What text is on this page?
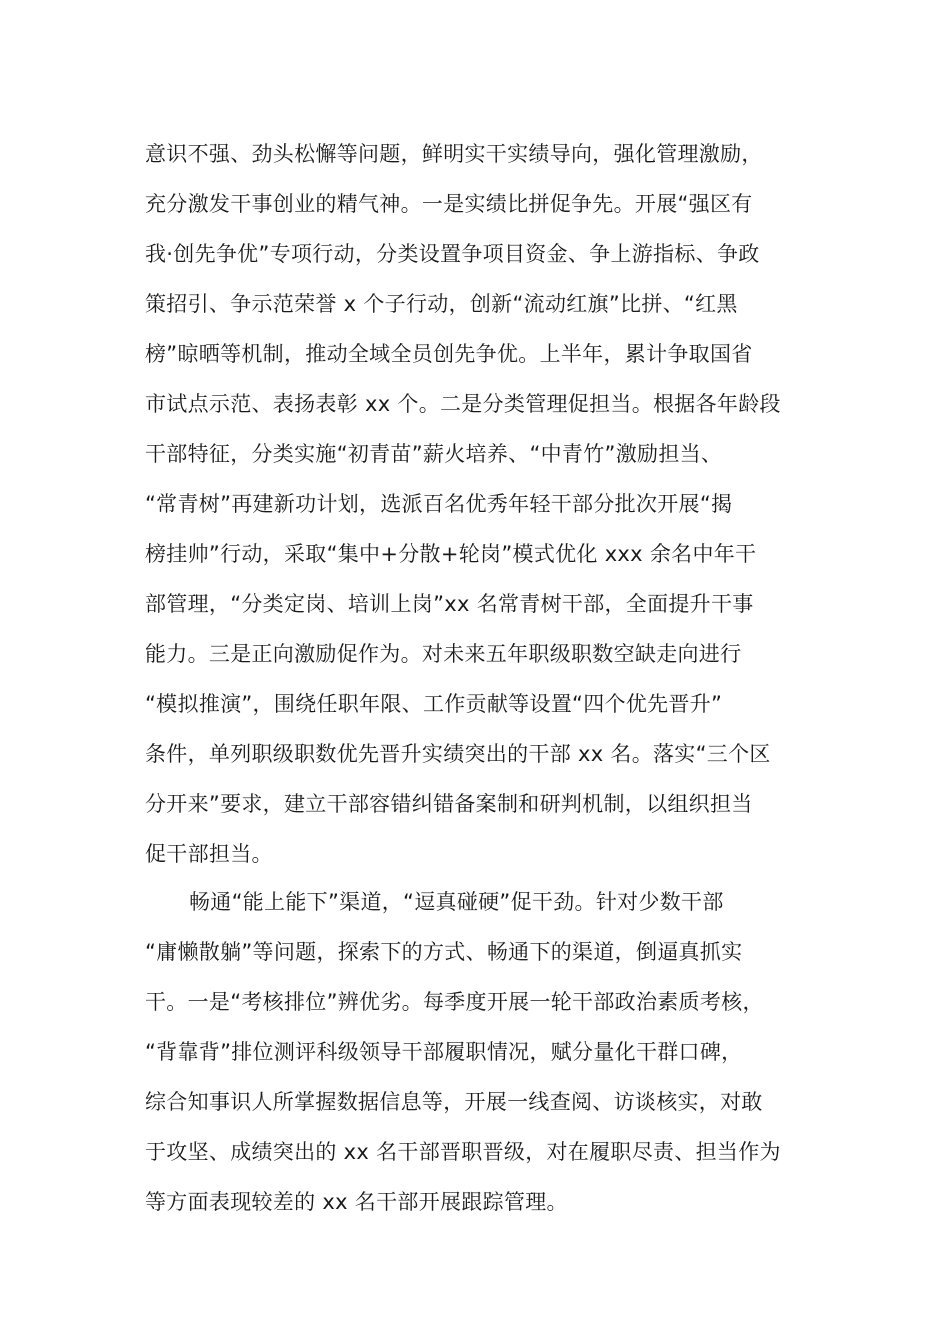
意识不强、劲头松懈等问题，鲜明实干实绩导向，强化管理激励，
充分激发干事创业的精气神。一是实绩比拼促争先。开展“强区有
我·创先争优”专项行动，分类设置争项目资金、争上游指标、争政
策招引、争示范荣誉 x 个子行动，创新“流动红旗”比拼、“红黑
榜”晾晒等机制，推动全域全员创先争优。上半年，累计争取国省
市试点示范、表扬表彰 xx 个。二是分类管理促担当。根据各年龄段
干部特征，分类实施“初青苗”薪火培养、“中青竹”激励担当、
“常青树”再建新功计划，选派百名优秀年轻干部分批次开展“揭
榜挂帅”行动，采取“集中+分散+轮岗”模式优化 xxx 余名中年干
部管理，“分类定岗、培训上岗”xx 名常青树干部，全面提升干事
能力。三是正向激励促作为。对未来五年职级职数空缺走向进行
“模拟推演”，围绕任职年限、工作贡献等设置“四个优先晋升”
条件，单列职级职数优先晋升实绩突出的干部 xx 名。落实“三个区
分开来”要求，建立干部容错纠错备案制和研判机制，以组织担当
促干部担当。
畅通“能上能下”渠道，“逗真碰硬”促干劲。针对少数干部
“庸懒散躺”等问题，探索下的方式、畅通下的渠道，倒逼真抓实
干。一是“考核排位”辨优劣。每季度开展一轮干部政治素质考核，
“背靠背”排位测评科级领导干部履职情况，赋分量化干群口碑，
综合知事识人所掌握数据信息等，开展一线查阅、访谈核实，对敢
于攻坚、成绩突出的 xx 名干部晋职晋级，对在履职尽责、担当作为
等方面表现较差的 xx 名干部开展跟踪管理。
